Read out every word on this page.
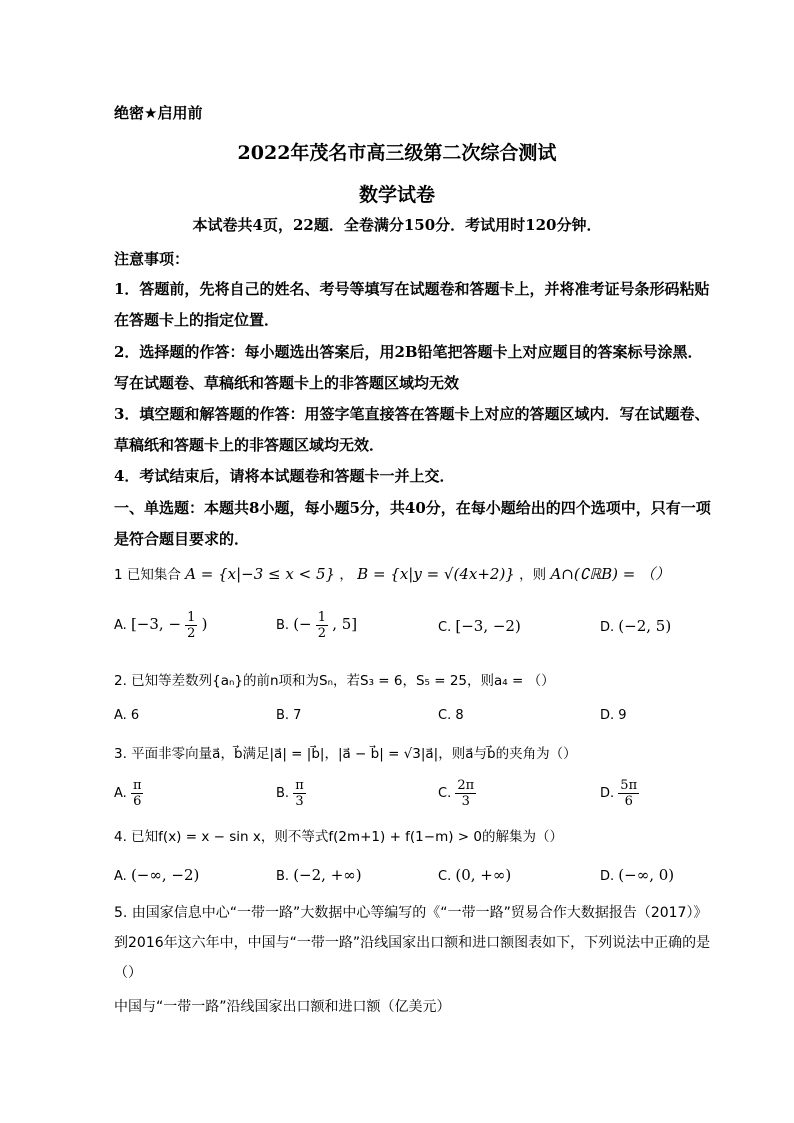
绝密★启用前
2022年茂名市高三级第二次综合测试
数学试卷
本试卷共4页，22题．全卷满分150分．考试用时120分钟．
注意事项：
1．答题前，先将自己的姓名、考号等填写在试题卷和答题卡上，并将准考证号条形码粘贴在答题卡上的指定位置．
2．选择题的作答：每小题选出答案后，用2B铅笔把答题卡上对应题目的答案标号涂黑．写在试题卷、草稿纸和答题卡上的非答题区域均无效
3．填空题和解答题的作答：用签字笔直接答在答题卡上对应的答题区域内．写在试题卷、草稿纸和答题卡上的非答题区域均无效．
4．考试结束后，请将本试题卷和答题卡一并上交．
一、单选题：本题共8小题，每小题5分，共40分，在每小题给出的四个选项中，只有一项是符合题目要求的．
1 已知集合 A = {x|−3 ≤ x < 5} ， B = {x|y = √(4x+2)} ，则 A∩(∁ℝB) = （）
A. [−3, − $\frac{1}{2}$ )	B. (− $\frac{1}{2}$ , 5]	C. [−3, −2)	D. (−2, 5)
2. 已知等差数列{aₙ}的前n项和为Sₙ，若S₃ = 6，S₅ = 25，则a₄ = （）
A. 6	B. 7	C. 8	D. 9
3. 平面非零向量a⃗，b⃗满足|a⃗| = |b⃗|，|a⃗ − b⃗| = √3|a⃗|，则a⃗与b⃗的夹角为（）
A. $\frac{\pi}{6}$	B. $\frac{\pi}{3}$	C. $\frac{2\pi}{3}$	D. $\frac{5\pi}{6}$
4. 已知f(x) = x − sin x，则不等式f(2m+1) + f(1−m) > 0的解集为（）
A. (−∞, −2)	B. (−2, +∞)	C. (0, +∞)	D. (−∞, 0)
5. 由国家信息中心“一带一路”大数据中心等编写的《“一带一路”贸易合作大数据报告（2017）》
到2016年这六年中，中国与“一带一路”沿线国家出口额和进口额图表如下，下列说法中正确的是
（）
中国与“一带一路”沿线国家出口额和进口额（亿美元）
